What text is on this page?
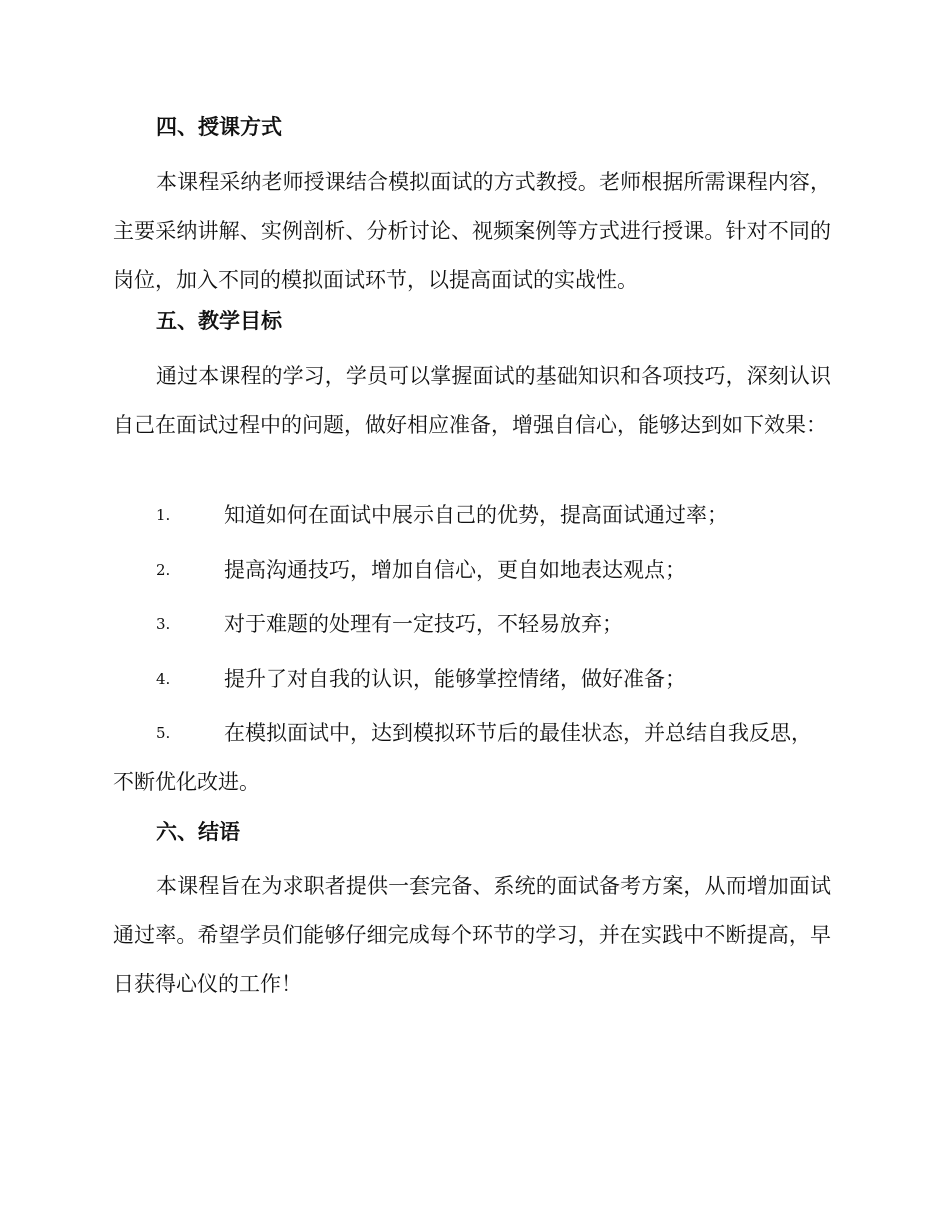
四、授课方式
本课程采纳老师授课结合模拟面试的方式教授。老师根据所需课程内容，主要采纳讲解、实例剖析、分析讨论、视频案例等方式进行授课。针对不同的岗位，加入不同的模拟面试环节，以提高面试的实战性。
五、教学目标
通过本课程的学习，学员可以掌握面试的基础知识和各项技巧，深刻认识自己在面试过程中的问题，做好相应准备，增强自信心，能够达到如下效果：
1.	知道如何在面试中展示自己的优势，提高面试通过率；
2.	提高沟通技巧，增加自信心，更自如地表达观点；
3.	对于难题的处理有一定技巧，不轻易放弃；
4.	提升了对自我的认识，能够掌控情绪，做好准备；
5.	在模拟面试中，达到模拟环节后的最佳状态，并总结自我反思，不断优化改进。
六、结语
本课程旨在为求职者提供一套完备、系统的面试备考方案，从而增加面试通过率。希望学员们能够仔细完成每个环节的学习，并在实践中不断提高，早日获得心仪的工作！
